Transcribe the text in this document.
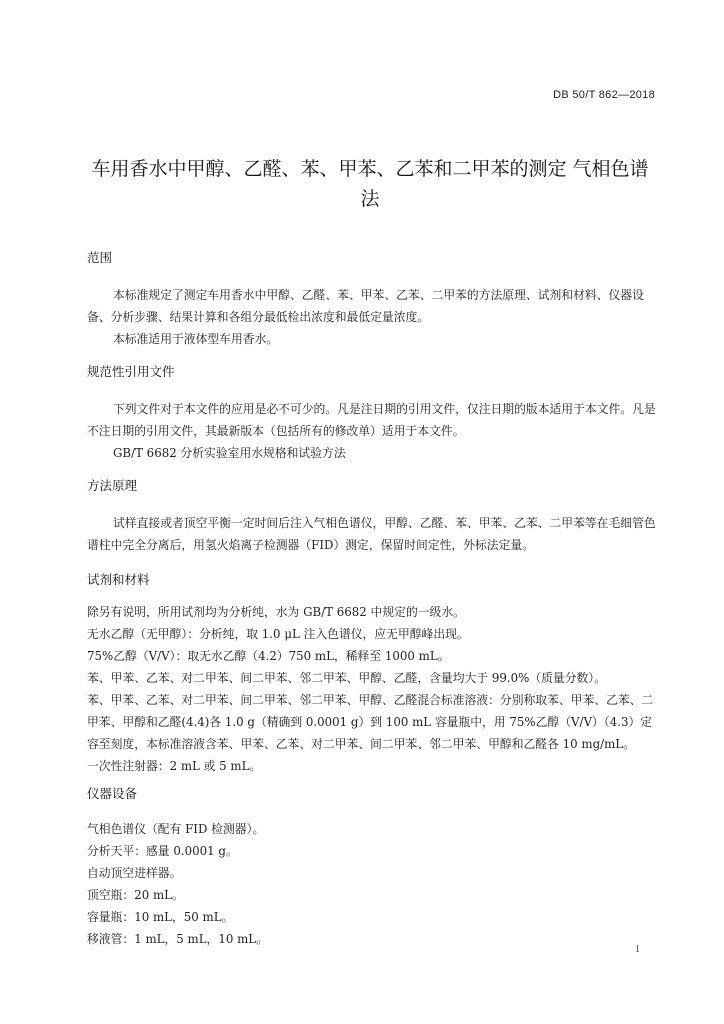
DB 50/T 862—2018
车用香水中甲醇、乙醛、苯、甲苯、乙苯和二甲苯的测定 气相色谱
法
范围
本标准规定了测定车用香水中甲醇、乙醛、苯、甲苯、乙苯、二甲苯的方法原理、试剂和材料、仪器设备、分析步骤、结果计算和各组分最低检出浓度和最低定量浓度。
本标准适用于液体型车用香水。
规范性引用文件
下列文件对于本文件的应用是必不可少的。凡是注日期的引用文件，仅注日期的版本适用于本文件。凡是不注日期的引用文件，其最新版本（包括所有的修改单）适用于本文件。
GB/T 6682 分析实验室用水规格和试验方法
方法原理
试样直接或者顶空平衡一定时间后注入气相色谱仪，甲醇、乙醛、苯、甲苯、乙苯、二甲苯等在毛细管色谱柱中完全分离后，用氢火焰离子检测器（FID）测定，保留时间定性，外标法定量。
试剂和材料
除另有说明，所用试剂均为分析纯，水为 GB/T 6682 中规定的一级水。
无水乙醇（无甲醇）：分析纯，取 1.0 μL 注入色谱仪，应无甲醇峰出现。
75%乙醇（V/V）：取无水乙醇（4.2）750 mL，稀释至 1000 mL。
苯、甲苯、乙苯、对二甲苯、间二甲苯、邻二甲苯、甲醇、乙醛，含量均大于 99.0%（质量分数）。
苯、甲苯、乙苯、对二甲苯、间二甲苯、邻二甲苯、甲醇、乙醛混合标准溶液：分别称取苯、甲苯、乙苯、二甲苯、甲醇和乙醛(4.4)各 1.0 g（精确到 0.0001 g）到 100 mL 容量瓶中，用 75%乙醇（V/V）（4.3）定容至刻度，本标准溶液含苯、甲苯、乙苯、对二甲苯、间二甲苯、邻二甲苯、甲醇和乙醛各 10 mg/mL。
一次性注射器：2 mL 或 5 mL。
仪器设备
气相色谱仪（配有 FID 检测器）。
分析天平：感量 0.0001 g。
自动顶空进样器。
顶空瓶：20 mL。
容量瓶：10 mL，50 mL。
移液管：1 mL，5 mL，10 mL。
1
